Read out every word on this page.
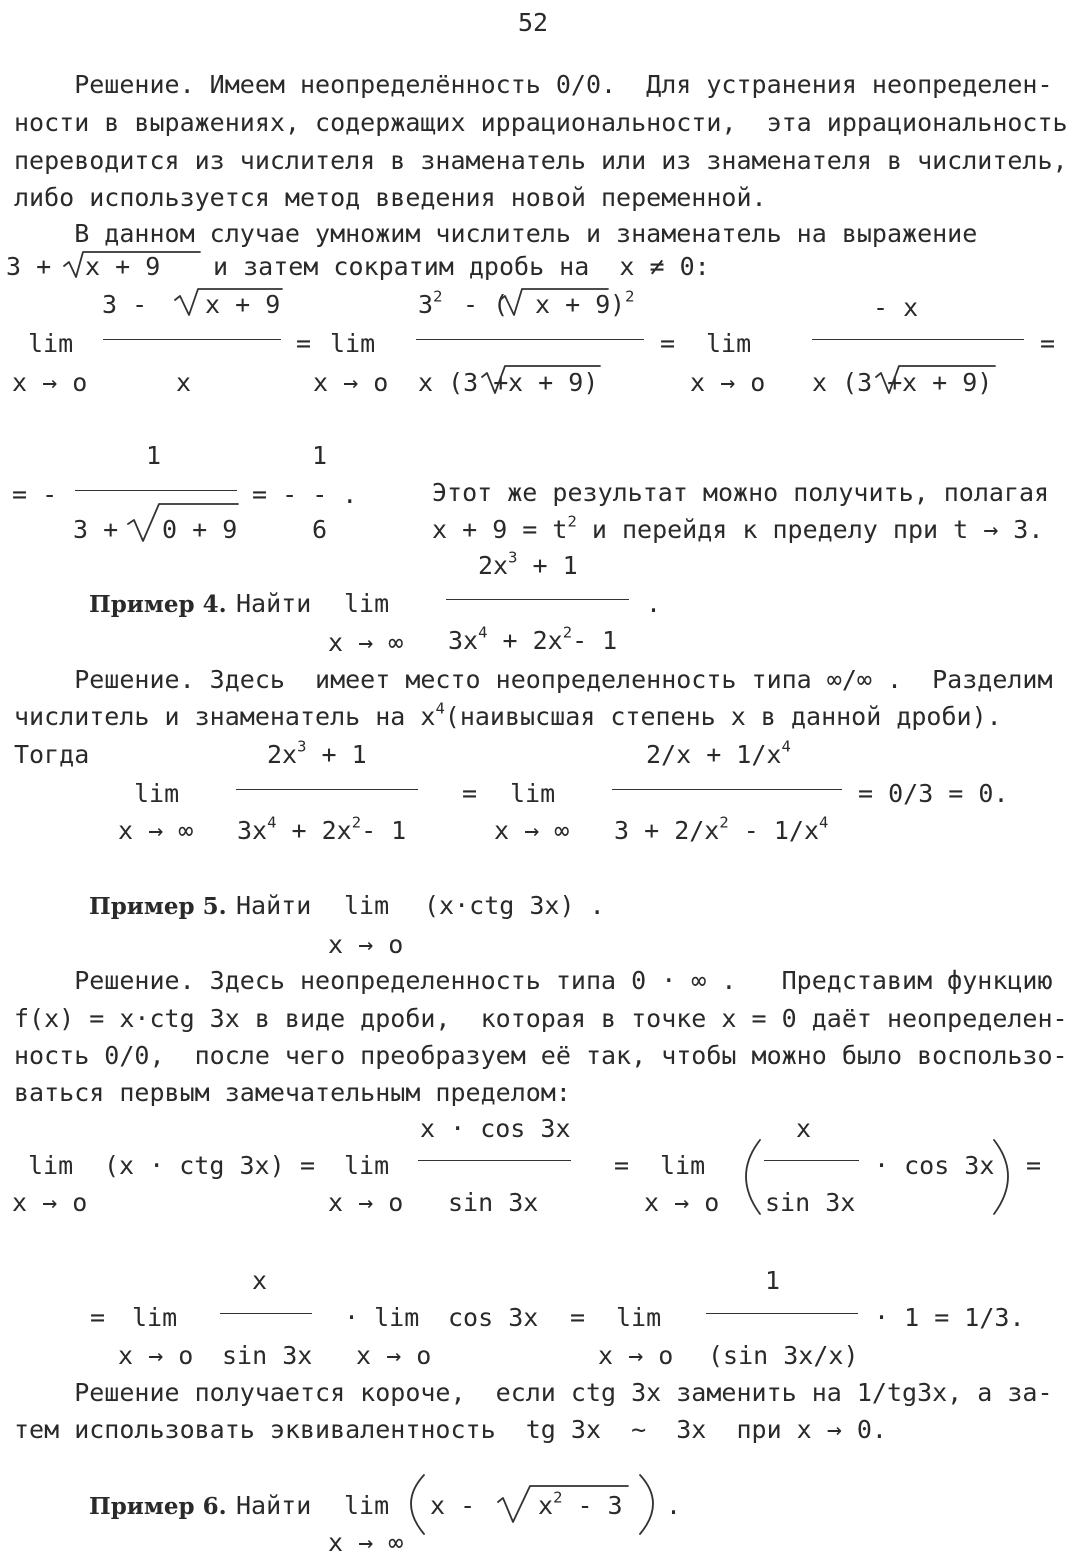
52
Решение. Имеем неопределённость 0/0.  Для устранения неопределен-
ности в выражениях, содержащих иррациональности,  эта иррациональность
переводится из числителя в знаменатель или из знаменателя в числитель,
либо используется метод введения новой переменной.
В данном случае умножим числитель и знаменатель на выражение
3 + x + 9 и затем сократим дробь на  x ≠ 0:
lim
x → o
3 - x + 9
x
= lim
x → o
$3^2$ - ( x + 9 )$^2$
x (3 + x + 9)
= lim
x → o
- x
x (3 + x + 9)
=
= -
1
3 + 0 + 9
= - - .
1
6
Этот же результат можно получить, полагая
$x + 9 = t^2$ и перейдя к пределу при t → 3.
$2x^3 + 1$
Пример 4. Найти lim	.
x → ∞ $3x^4 + 2x^2-$ 1
Решение. Здесь  имеет место неопределенность типа ∞/∞ .  Разделим
числитель и знаменатель на $x^4(наивысшая$ степень x в данной дроби).
Тогда	$2x^3 + 1$	$2/x + 1/x^4$
lim	= lim	= 0/3 = 0.
x → ∞ $3x^4 + 2x^2-$ 1	x → ∞ $3 + 2/x^2 - 1/x^4$
Пример 5. Найти lim (x·ctg 3x) .
x → o
Решение. Здесь неопределенность типа 0 · ∞ .   Представим функцию
f(x) = x·ctg 3x в виде дроби,  которая в точке x = 0 даёт неопределен-
ность 0/0,  после чего преобразуем её так, чтобы можно было воспользо-
ваться первым замечательным пределом:
x · cos 3x	x
lim (x · ctg 3x) = lim	= lim	· cos 3x =
x → o	x → o sin 3x	x → o sin 3x
x	1
= lim	· lim cos 3x = lim	· 1 = 1/3.
x → o sin 3x x → o	x → o (sin 3x/x)
Решение получается короче,  если ctg 3x заменить на 1/tg3x, а за-
тем использовать эквивалентность  tg 3x  ~  3x  при x → 0.
Пример 6. Найти lim x -	$x^2 - 3$ .
x → ∞
